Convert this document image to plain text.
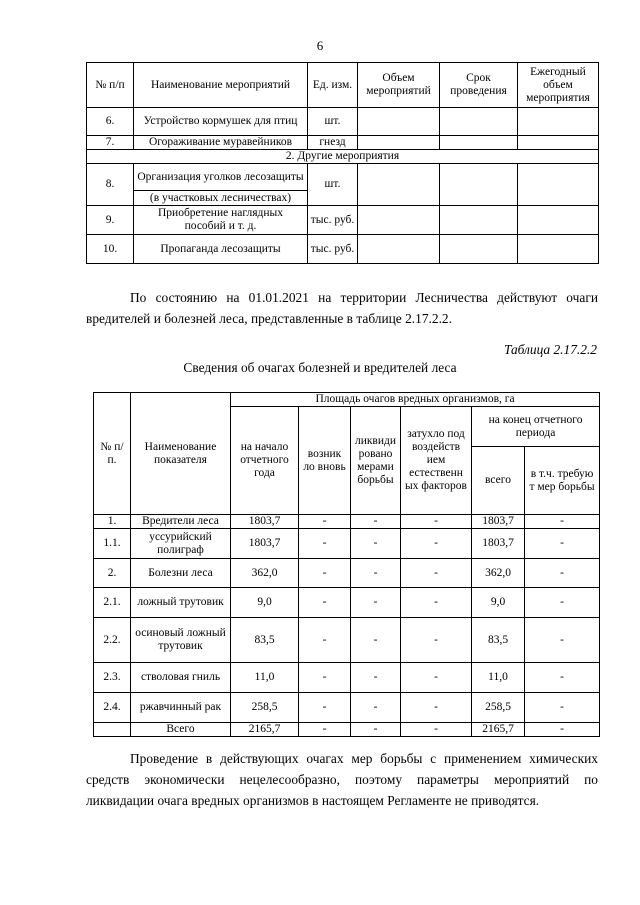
6
№ п/п	Наименование мероприятий	Ед. изм.	Объем мероприятий	Срок проведения	Ежегодный объем мероприятия
6.	Устройство кормушек для птиц	шт.			
7.	Огораживание муравейников	гнезд			
2. Другие мероприятия					
8.	Организация уголков лесозащиты	шт.			
	(в участковых лесничествах)				
9.	Приобретение наглядных пособий и т. д.	тыс. руб.			
10.	Пропаганда лесозащиты	тыс. руб.			

По состоянию на 01.01.2021 на территории Лесничества действуют очаги вредителей и болезней леса, представленные в таблице 2.17.2.2.

Таблица 2.17.2.2
Сведения об очагах болезней и вредителей леса
№ п/п.	Наименование показателя	Площадь очагов вредных организмов, га					
		на начало отчетного года	возник ло вновь	ликвиди ровано мерами борьбы	затухло под воздейств ием естественн ых факторов	на конец отчетного периода	
						всего	в т.ч. требую т мер борьбы
1.	Вредители леса	1803,7	-	-	-	1803,7	-
1.1.	уссурийский полиграф	1803,7	-	-	-	1803,7	-
2.	Болезни леса	362,0	-	-	-	362,0	-
2.1.	ложный трутовик	9,0	-	-	-	9,0	-
2.2.	осиновый ложный трутовик	83,5	-	-	-	83,5	-
2.3.	стволовая гниль	11,0	-	-	-	11,0	-
2.4.	ржавчинный рак	258,5	-	-	-	258,5	-
	Всего	2165,7	-	-	-	2165,7	-

Проведение в действующих очагах мер борьбы с применением химических средств экономически нецелесообразно, поэтому параметры мероприятий по ликвидации очага вредных организмов в настоящем Регламенте не приводятся.
